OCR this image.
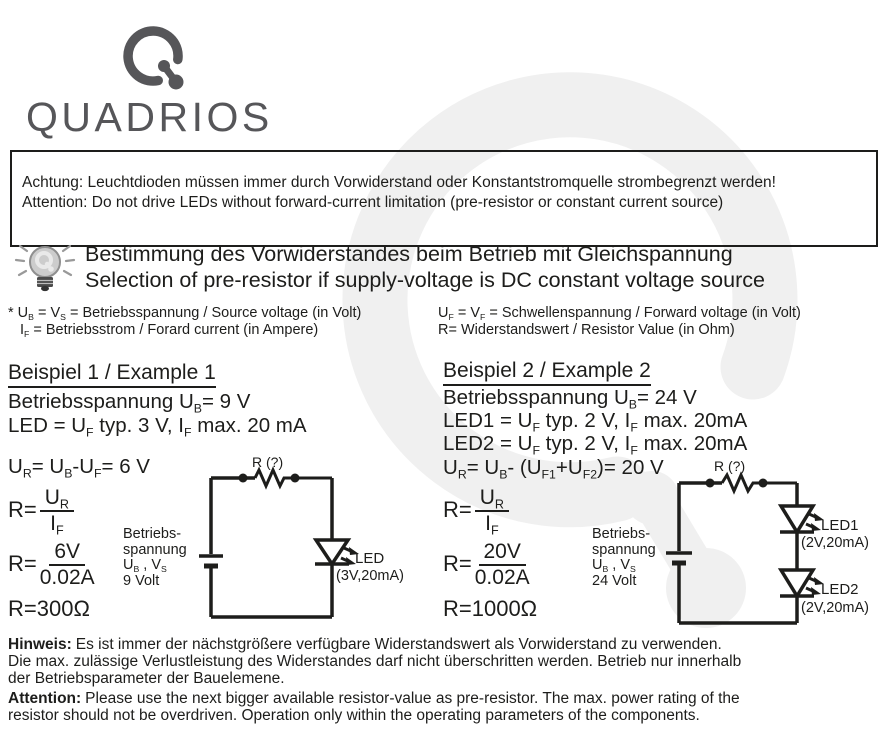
QUADRIOS
Achtung: Leuchtdioden müssen immer durch Vorwiderstand oder Konstantstromquelle strombegrenzt werden!
Attention: Do not drive LEDs without forward-current limitation (pre-resistor or constant current source)
Bestimmung des Vorwiderstandes beim Betrieb mit Gleichspannung
Selection of pre-resistor if supply-voltage is DC constant voltage source
* $U_B = V_S$ = Betriebsspannung / Source voltage (in Volt)
$I_F$ = Betriebsstrom / Forard current (in Ampere)
$U_F = V_F$ = Schwellenspannung / Forward voltage (in Volt)
R= Widerstandswert / Resistor Value (in Ohm)
Beispiel 1 / Example 1
Betriebsspannung $U_B= 9$ V
LED = $U_F$ typ. 3 V, $I_F$ max. 20 mA
$U_R= U_B-U_F= 6$ V
$R= \frac{U_R}{I_F}$
$R= \frac{6V}{0.02A}$
R=300Ω
R (?)
Betriebs-
spannung
$U_B$ , $V_S$
9 Volt
LED
(3V,20mA)
Beispiel 2 / Example 2
Betriebsspannung $U_B= 24$ V
$LED1 = U_F$ typ. 2 V, $I_F$ max. 20mA
$LED2 = U_F$ typ. 2 V, $I_F$ max. 20mA
$U_R= U_B-$ $(U_{F1}+U_{F2})= 20$ V
$R= \frac{U_R}{I_F}$
$R= \frac{20V}{0.02A}$
R=1000Ω
R (?)
Betriebs-
spannung
$U_B$ , $V_S$
24 Volt
LED1
(2V,20mA)
LED2
(2V,20mA)
Hinweis: Es ist immer der nächstgrößere verfügbare Widerstandswert als Vorwiderstand zu verwenden.
Die max. zulässige Verlustleistung des Widerstandes darf nicht überschritten werden. Betrieb nur innerhalb
der Betriebsparameter der Bauelemene.
Attention: Please use the next bigger available resistor-value as pre-resistor. The max. power rating of the
resistor should not be overdriven. Operation only within the operating parameters of the components.
